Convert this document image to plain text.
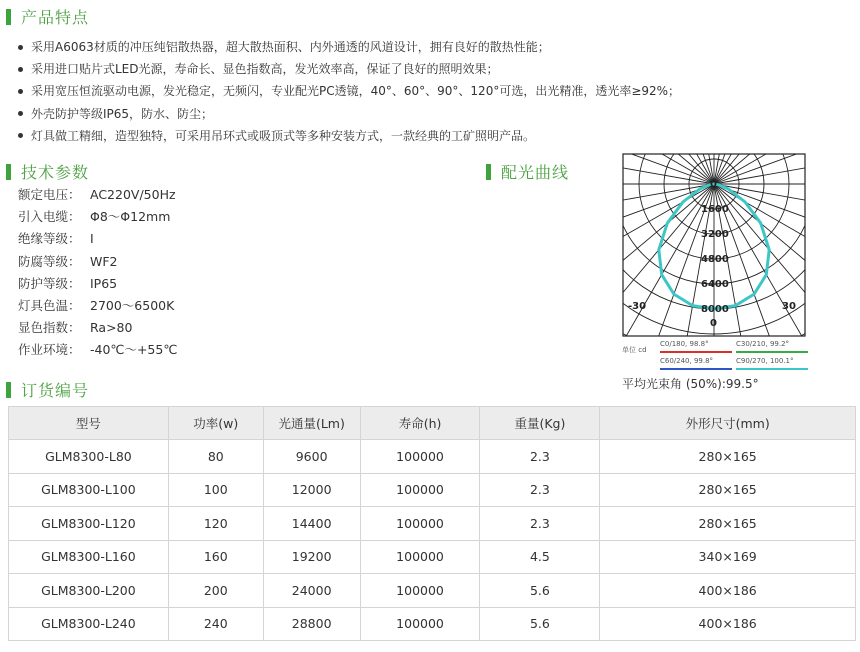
产品特点
采用A6063材质的冲压纯铝散热器，超大散热面积、内外通透的风道设计，拥有良好的散热性能；
采用进口贴片式LED光源，寿命长、显色指数高，发光效率高，保证了良好的照明效果；
采用宽压恒流驱动电源，发光稳定，无频闪，专业配光PC透镜，40°、60°、90°、120°可选，出光精准，透光率≥92%；
外壳防护等级IP65，防水、防尘；
灯具做工精细，造型独特，可采用吊环式或吸顶式等多种安装方式，一款经典的工矿照明产品。
技术参数
额定电压： AC220V/50Hz
引入电缆： Φ8～Φ12mm
绝缘等级： I
防腐等级： WF2
防护等级： IP65
灯具色温： 2700～6500K
显色指数： Ra>80
作业环境： -40℃～+55℃
配光曲线
0
1600
3200
4800
6400
8000
0
-30	30
单位 cd
C0/180, 98.8°	C30/210, 99.2°
C60/240, 99.8°	C90/270, 100.1°
平均光束角 (50%):99.5°
订货编号
型号	功率(w)	光通量(Lm)	寿命(h)	重量(Kg)	外形尺寸(mm)
GLM8300-L80	80	9600	100000	2.3	280×165
GLM8300-L100	100	12000	100000	2.3	280×165
GLM8300-L120	120	14400	100000	2.3	280×165
GLM8300-L160	160	19200	100000	4.5	340×169
GLM8300-L200	200	24000	100000	5.6	400×186
GLM8300-L240	240	28800	100000	5.6	400×186
